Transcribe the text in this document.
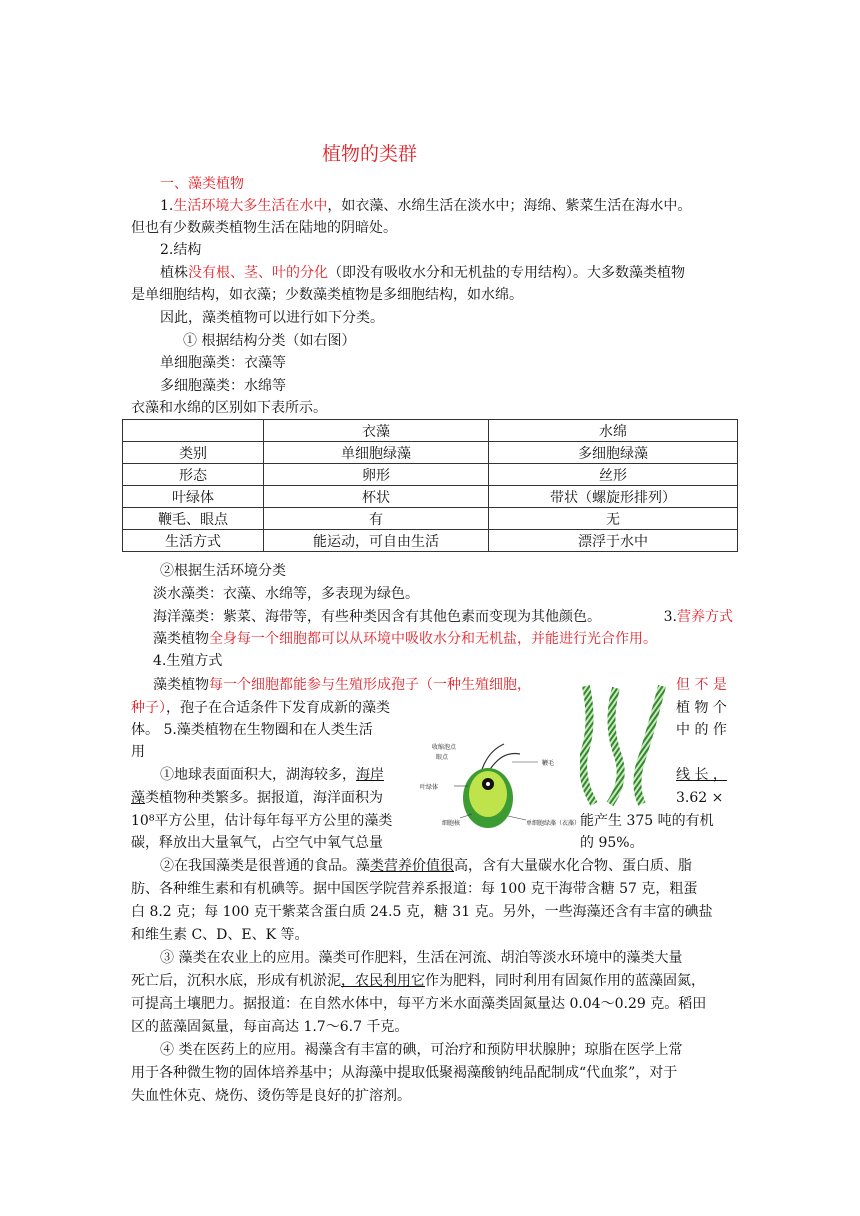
植物的类群
一、藻类植物
1.生活环境大多生活在水中，如衣藻、水绵生活在淡水中；海绵、紫菜生活在海水中。
但也有少数蕨类植物生活在陆地的阴暗处。
2.结构
植株没有根、茎、叶的分化（即没有吸收水分和无机盐的专用结构）。大多数藻类植物
是单细胞结构，如衣藻；少数藻类植物是多细胞结构，如水绵。
因此，藻类植物可以进行如下分类。
① 根据结构分类（如右图）
单细胞藻类：衣藻等
多细胞藻类：水绵等
衣藻和水绵的区别如下表所示。
	衣藻	水绵
类别	单细胞绿藻	多细胞绿藻
形态	卵形	丝形
叶绿体	杯状	带状（螺旋形排列）
鞭毛、眼点	有	无
生活方式	能运动，可自由生活	漂浮于水中
②根据生活环境分类
淡水藻类：衣藻、水绵等，多表现为绿色。
海洋藻类：紫菜、海带等，有些种类因含有其他色素而变现为其他颜色。	3.营养方式
藻类植物全身每一个细胞都可以从环境中吸收水分和无机盐，并能进行光合作用。
4.生殖方式
藻类植物每一个细胞都能参与生殖形成孢子（一种生殖细胞，	但 不 是
种子），孢子在合适条件下发育成新的藻类	植 物 个
体。 5.藻类植物在生物圈和在人类生活	中 的 作
用
①地球表面面积大，湖海较多，海岸	线 长 ，
藻类植物种类繁多。据报道，海洋面积为	3.62 ×
10⁸平方公里，估计每年每平方公里的藻类	能产生 375 吨的有机
碳，释放出大量氧气，占空气中氧气总量	的 95%。
收缩泡点
眼点
鞭毛
叶绿体
细胞核	单细胞绿藻（衣藻）
②在我国藻类是很普通的食品。藻类营养价值很高，含有大量碳水化合物、蛋白质、脂
肪、各种维生素和有机碘等。据中国医学院营养系报道：每 100 克干海带含糖 57 克，粗蛋
白 8.2 克；每 100 克干紫菜含蛋白质 24.5 克，糖 31 克。另外，一些海藻还含有丰富的碘盐
和维生素 C、D、E、K 等。
③ 藻类在农业上的应用。藻类可作肥料，生活在河流、胡泊等淡水环境中的藻类大量
死亡后，沉积水底，形成有机淤泥，农民利用它作为肥料，同时利用有固氮作用的蓝藻固氮，
可提高土壤肥力。据报道：在自然水体中，每平方米水面藻类固氮量达 0.04～0.29 克。稻田
区的蓝藻固氮量，每亩高达 1.7～6.7 千克。
④ 类在医药上的应用。褐藻含有丰富的碘，可治疗和预防甲状腺肿；琼脂在医学上常
用于各种微生物的固体培养基中；从海藻中提取低聚褐藻酸钠纯品配制成“代血浆”，对于
失血性休克、烧伤、烫伤等是良好的扩溶剂。
